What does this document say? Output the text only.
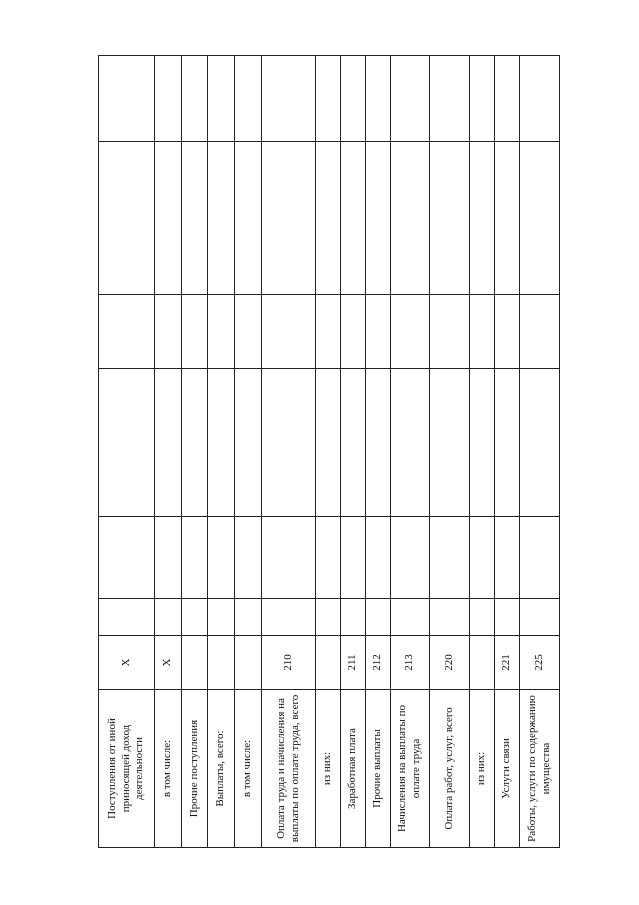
Поступления от иной приносящей доход деятельности	X						
в том числе:	X						
Прочие поступления							
Выплаты, всего:							
в том числе:							
Оплата труда и начисления на выплаты по оплате труда, всего	210						
из них:							
Заработная плата	211						
Прочие выплаты	212						
Начисления на выплаты по оплате труда	213						
Оплата работ, услуг, всего	220						
из них:							
Услуги связи	221						
Работы, услуги по содержанию имущества	225						
